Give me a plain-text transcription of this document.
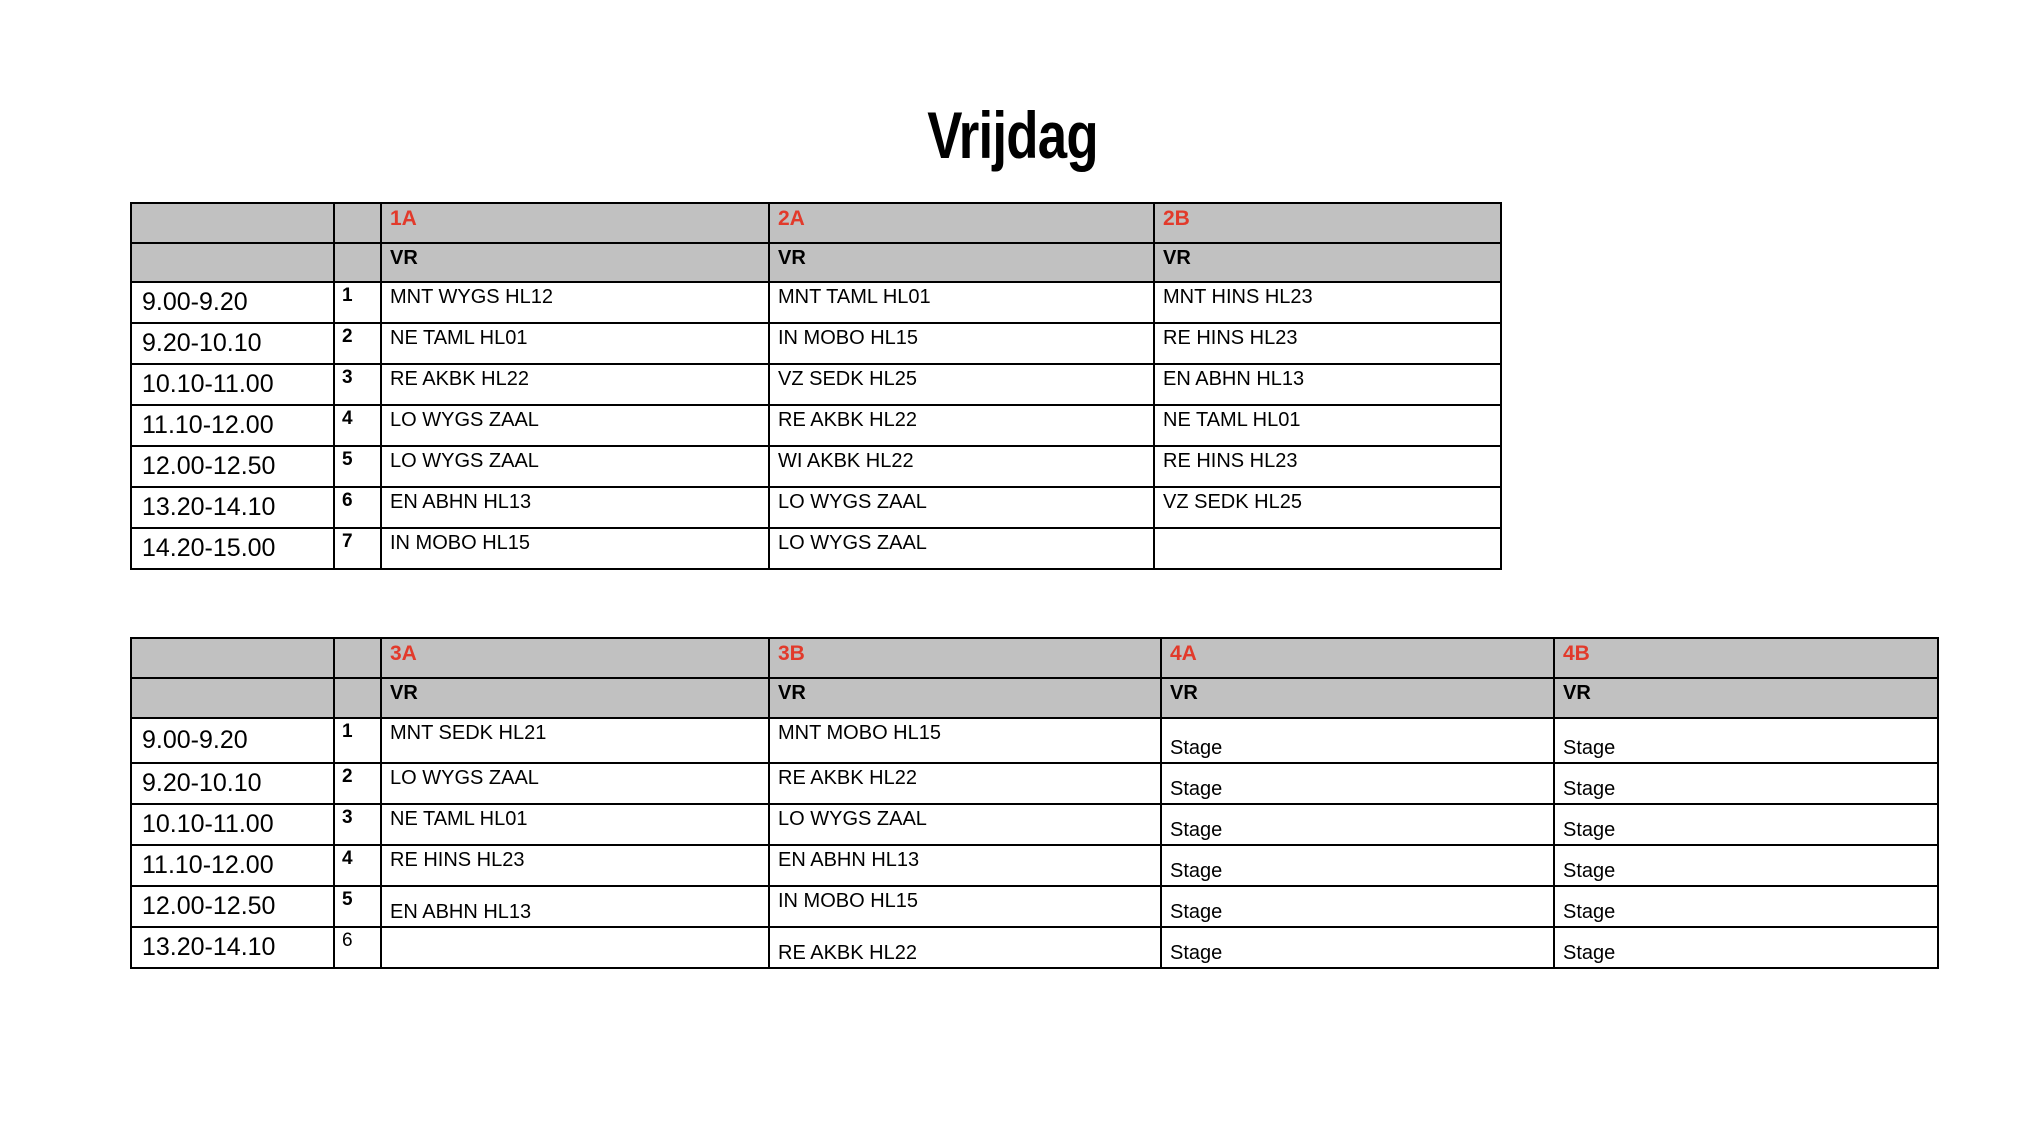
Vrijdag
		1A	2A	2B
		VR	VR	VR
9.00-9.20	1	MNT WYGS HL12	MNT TAML HL01	MNT HINS HL23
9.20-10.10	2	NE TAML HL01	IN MOBO HL15	RE HINS HL23
10.10-11.00	3	RE AKBK HL22	VZ SEDK HL25	EN ABHN HL13
11.10-12.00	4	LO WYGS ZAAL	RE AKBK HL22	NE TAML HL01
12.00-12.50	5	LO WYGS ZAAL	WI AKBK HL22	RE HINS HL23
13.20-14.10	6	EN ABHN HL13	LO WYGS ZAAL	VZ SEDK HL25
14.20-15.00	7	IN MOBO HL15	LO WYGS ZAAL	
		3A	3B	4A	4B
		VR	VR	VR	VR
9.00-9.20	1	MNT SEDK HL21	MNT MOBO HL15	Stage	Stage
9.20-10.10	2	LO WYGS ZAAL	RE AKBK HL22	Stage	Stage
10.10-11.00	3	NE TAML HL01	LO WYGS ZAAL	Stage	Stage
11.10-12.00	4	RE HINS HL23	EN ABHN HL13	Stage	Stage
12.00-12.50	5	EN ABHN HL13	IN MOBO HL15	Stage	Stage
13.20-14.10	6		RE AKBK HL22	Stage	Stage
